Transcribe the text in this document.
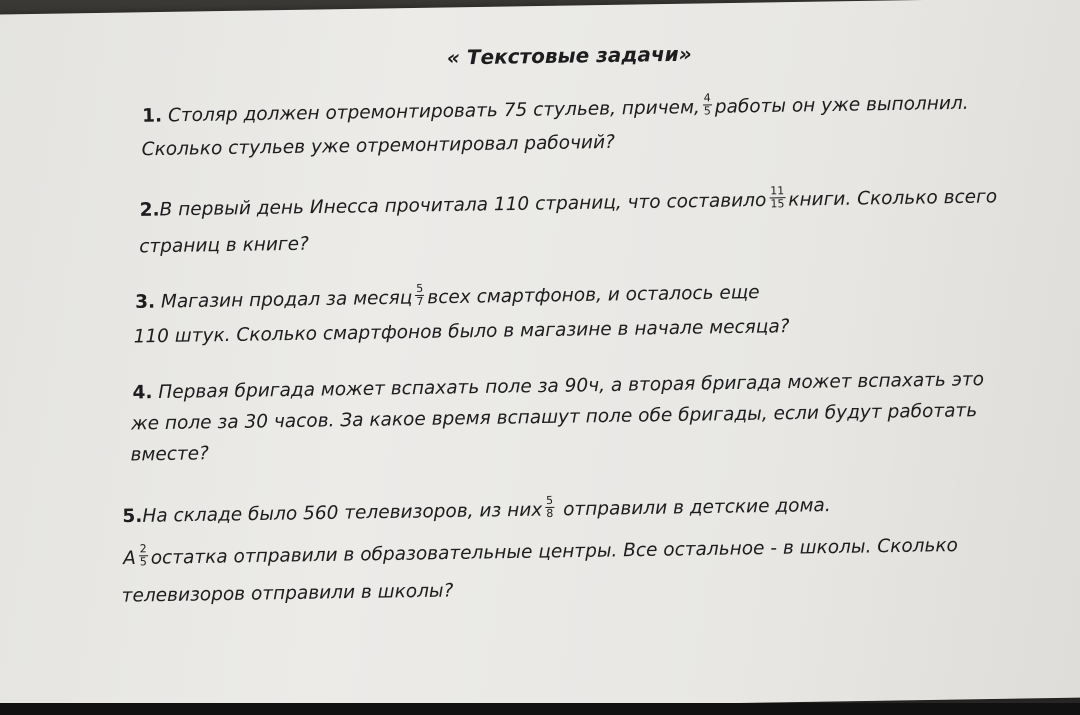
« Текстовые задачи»
1. Столяр должен отремонтировать 75 стульев, причем, $\frac{4}{5}$ работы он уже выполнил.
Сколько стульев уже отремонтировал рабочий?
2.В первый день Инесса прочитала 110 страниц, что составило $\frac{11}{15}$ книги. Сколько всего
страниц в книге?
3. Магазин продал за месяц $\frac{5}{7}$ всех смартфонов, и осталось еще
110 штук. Сколько смартфонов было в магазине в начале месяца?
4. Первая бригада может вспахать поле за 90ч, а вторая бригада может вспахать это
же поле за 30 часов. За какое время вспашут поле обе бригады, если будут работать
вместе?
5.На складе было 560 телевизоров, из них $\frac{5}{8}$ отправили в детские дома.
А $\frac{2}{5}$ остатка отправили в образовательные центры. Все остальное - в школы. Сколько
телевизоров отправили в школы?
